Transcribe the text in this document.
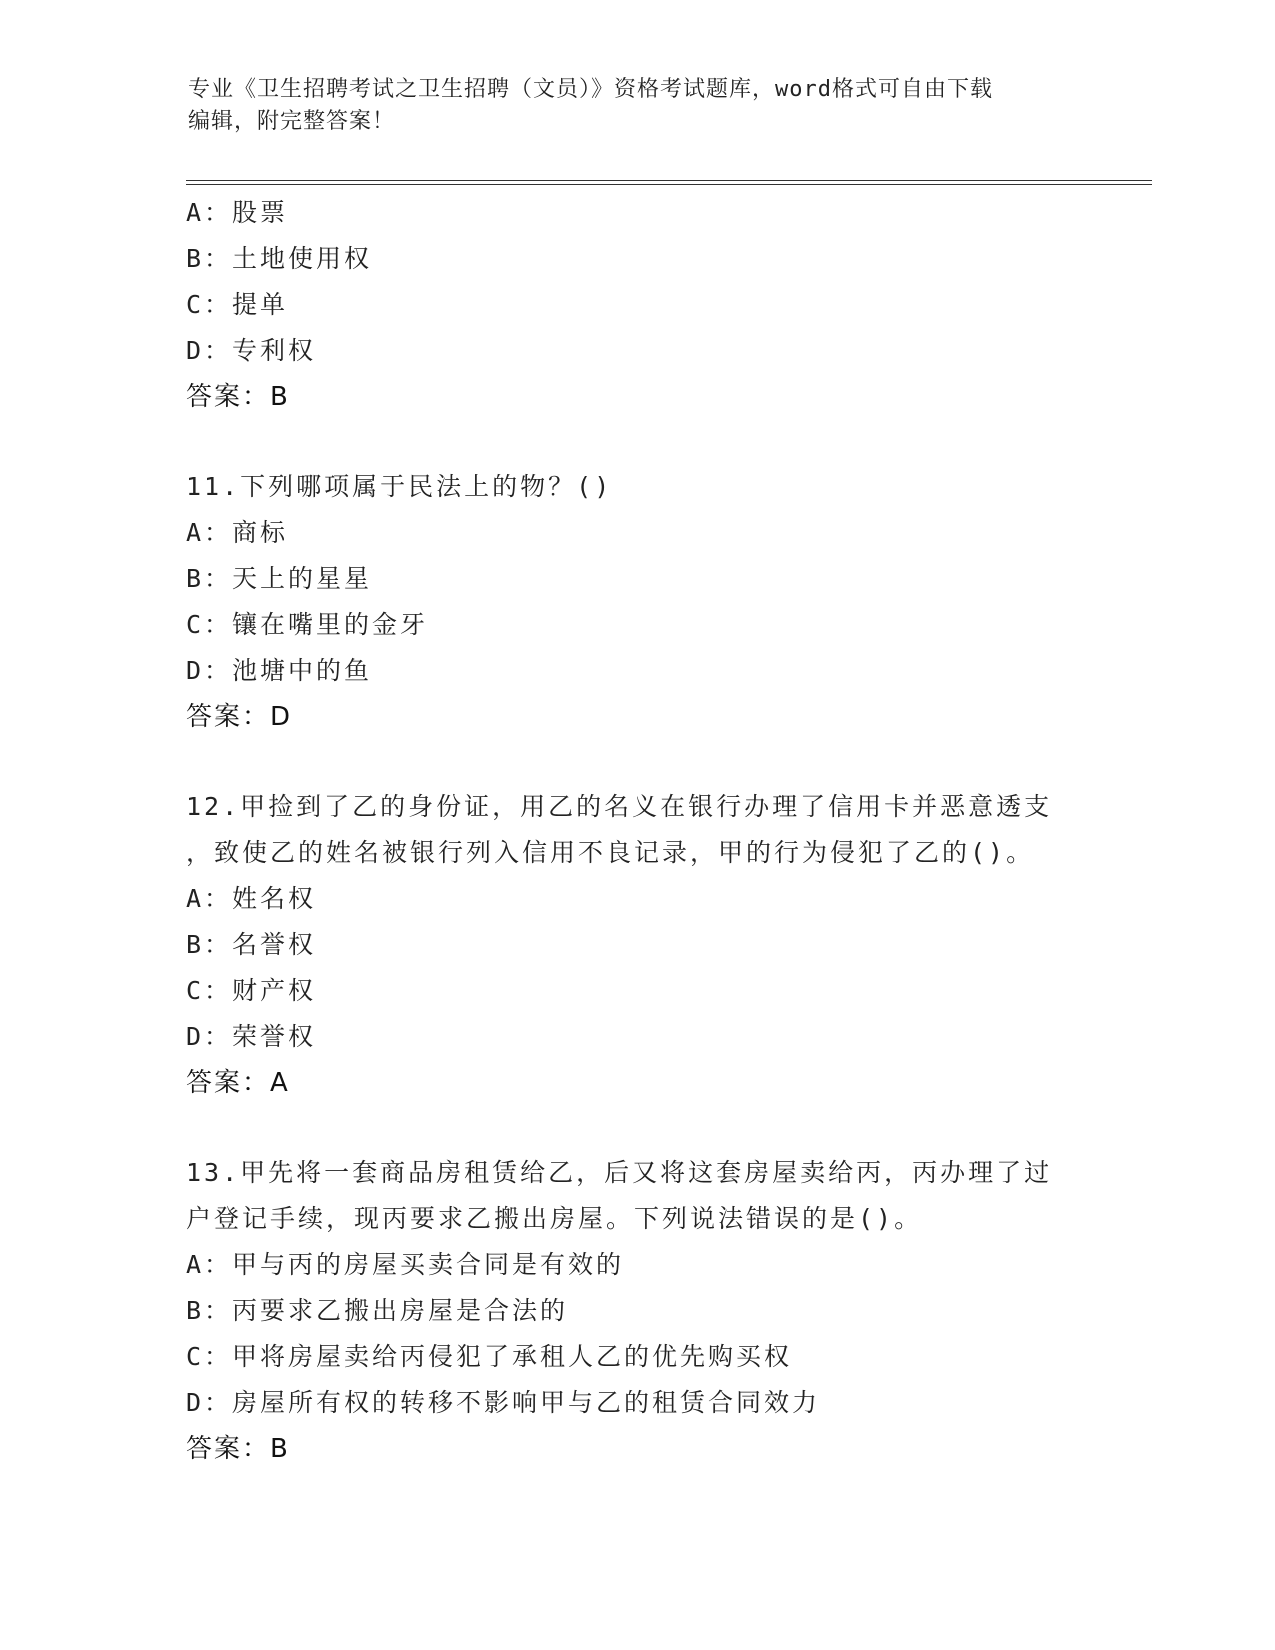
专业《卫生招聘考试之卫生招聘（文员）》资格考试题库，word格式可自由下载
编辑，附完整答案！
A：股票
B：土地使用权
C：提单
D：专利权
答案：B
11.下列哪项属于民法上的物？()
A：商标
B：天上的星星
C：镶在嘴里的金牙
D：池塘中的鱼
答案：D
12.甲捡到了乙的身份证，用乙的名义在银行办理了信用卡并恶意透支
，致使乙的姓名被银行列入信用不良记录，甲的行为侵犯了乙的()。
A：姓名权
B：名誉权
C：财产权
D：荣誉权
答案：A
13.甲先将一套商品房租赁给乙，后又将这套房屋卖给丙，丙办理了过
户登记手续，现丙要求乙搬出房屋。下列说法错误的是()。
A：甲与丙的房屋买卖合同是有效的
B：丙要求乙搬出房屋是合法的
C：甲将房屋卖给丙侵犯了承租人乙的优先购买权
D：房屋所有权的转移不影响甲与乙的租赁合同效力
答案：B
